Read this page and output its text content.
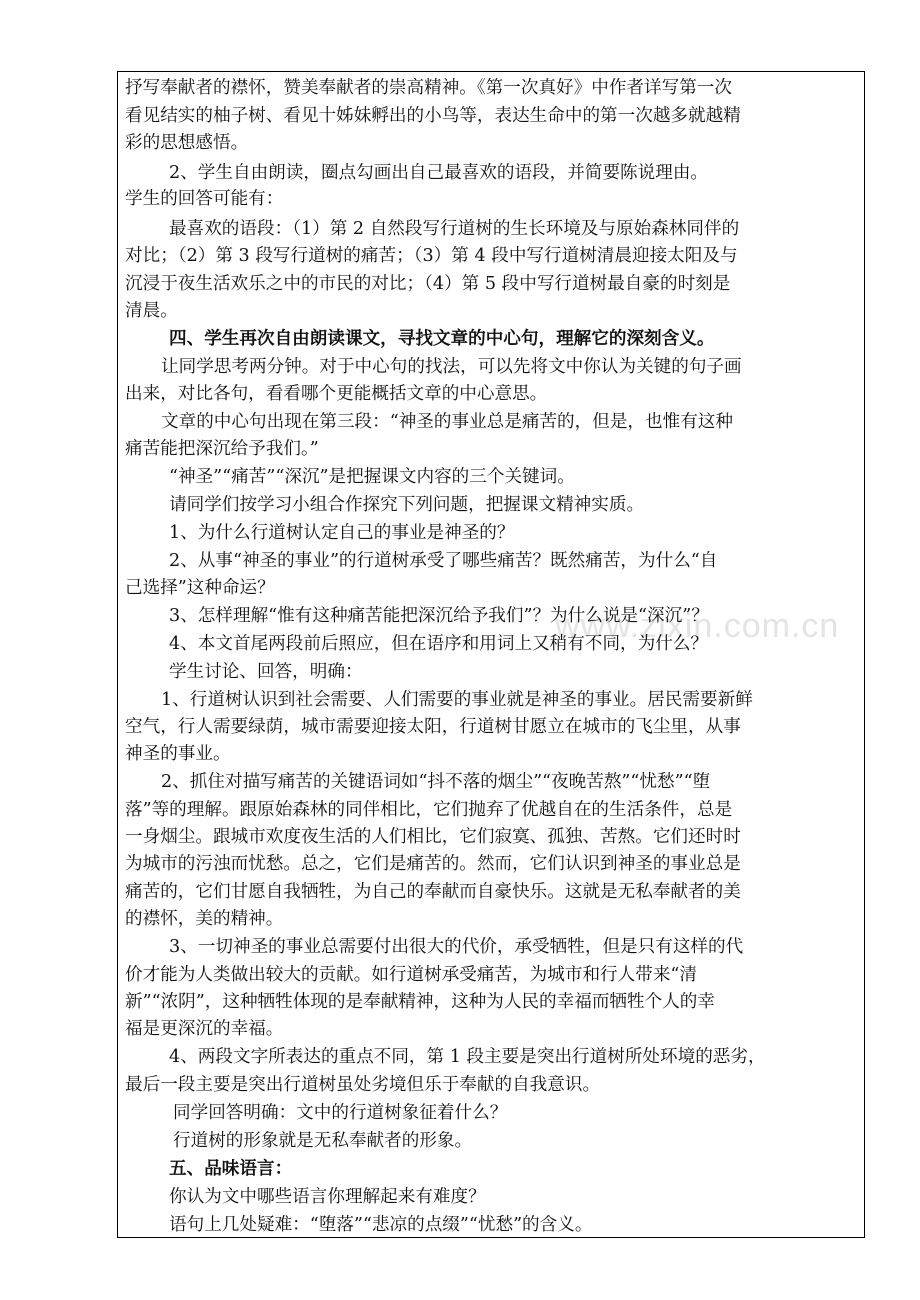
www.zixin.com.cn
抒写奉献者的襟怀，赞美奉献者的崇高精神。《第一次真好》中作者详写第一次
看见结实的柚子树、看见十姊妹孵出的小鸟等，表达生命中的第一次越多就越精
彩的思想感悟。
2、学生自由朗读，圈点勾画出自己最喜欢的语段，并简要陈说理由。
学生的回答可能有：
最喜欢的语段：（1）第 2 自然段写行道树的生长环境及与原始森林同伴的
对比；（2）第 3 段写行道树的痛苦；（3）第 4 段中写行道树清晨迎接太阳及与
沉浸于夜生活欢乐之中的市民的对比；（4）第 5 段中写行道树最自豪的时刻是
清晨。
四、学生再次自由朗读课文，寻找文章的中心句，理解它的深刻含义。
让同学思考两分钟。对于中心句的找法，可以先将文中你认为关键的句子画
出来，对比各句，看看哪个更能概括文章的中心意思。
文章的中心句出现在第三段：“神圣的事业总是痛苦的，但是，也惟有这种
痛苦能把深沉给予我们。”
“神圣”“痛苦”“深沉”是把握课文内容的三个关键词。
请同学们按学习小组合作探究下列问题，把握课文精神实质。
1、为什么行道树认定自己的事业是神圣的？
2、从事“神圣的事业”的行道树承受了哪些痛苦？既然痛苦，为什么“自
己选择”这种命运？
3、怎样理解“惟有这种痛苦能把深沉给予我们”？为什么说是“深沉”？
4、本文首尾两段前后照应，但在语序和用词上又稍有不同，为什么？
学生讨论、回答，明确：
1、行道树认识到社会需要、人们需要的事业就是神圣的事业。居民需要新鲜
空气，行人需要绿荫，城市需要迎接太阳，行道树甘愿立在城市的飞尘里，从事
神圣的事业。
2、抓住对描写痛苦的关键语词如“抖不落的烟尘”“夜晚苦熬”“忧愁”“堕
落”等的理解。跟原始森林的同伴相比，它们抛弃了优越自在的生活条件，总是
一身烟尘。跟城市欢度夜生活的人们相比，它们寂寞、孤独、苦熬。它们还时时
为城市的污浊而忧愁。总之，它们是痛苦的。然而，它们认识到神圣的事业总是
痛苦的，它们甘愿自我牺牲，为自己的奉献而自豪快乐。这就是无私奉献者的美
的襟怀，美的精神。
3、一切神圣的事业总需要付出很大的代价，承受牺牲，但是只有这样的代
价才能为人类做出较大的贡献。如行道树承受痛苦，为城市和行人带来“清
新”“浓阴”，这种牺牲体现的是奉献精神，这种为人民的幸福而牺牲个人的幸
福是更深沉的幸福。
4、两段文字所表达的重点不同，第 1 段主要是突出行道树所处环境的恶劣，
最后一段主要是突出行道树虽处劣境但乐于奉献的自我意识。
同学回答明确：文中的行道树象征着什么？
行道树的形象就是无私奉献者的形象。
五、品味语言：
你认为文中哪些语言你理解起来有难度？
语句上几处疑难：“堕落”“悲凉的点缀”“忧愁”的含义。
